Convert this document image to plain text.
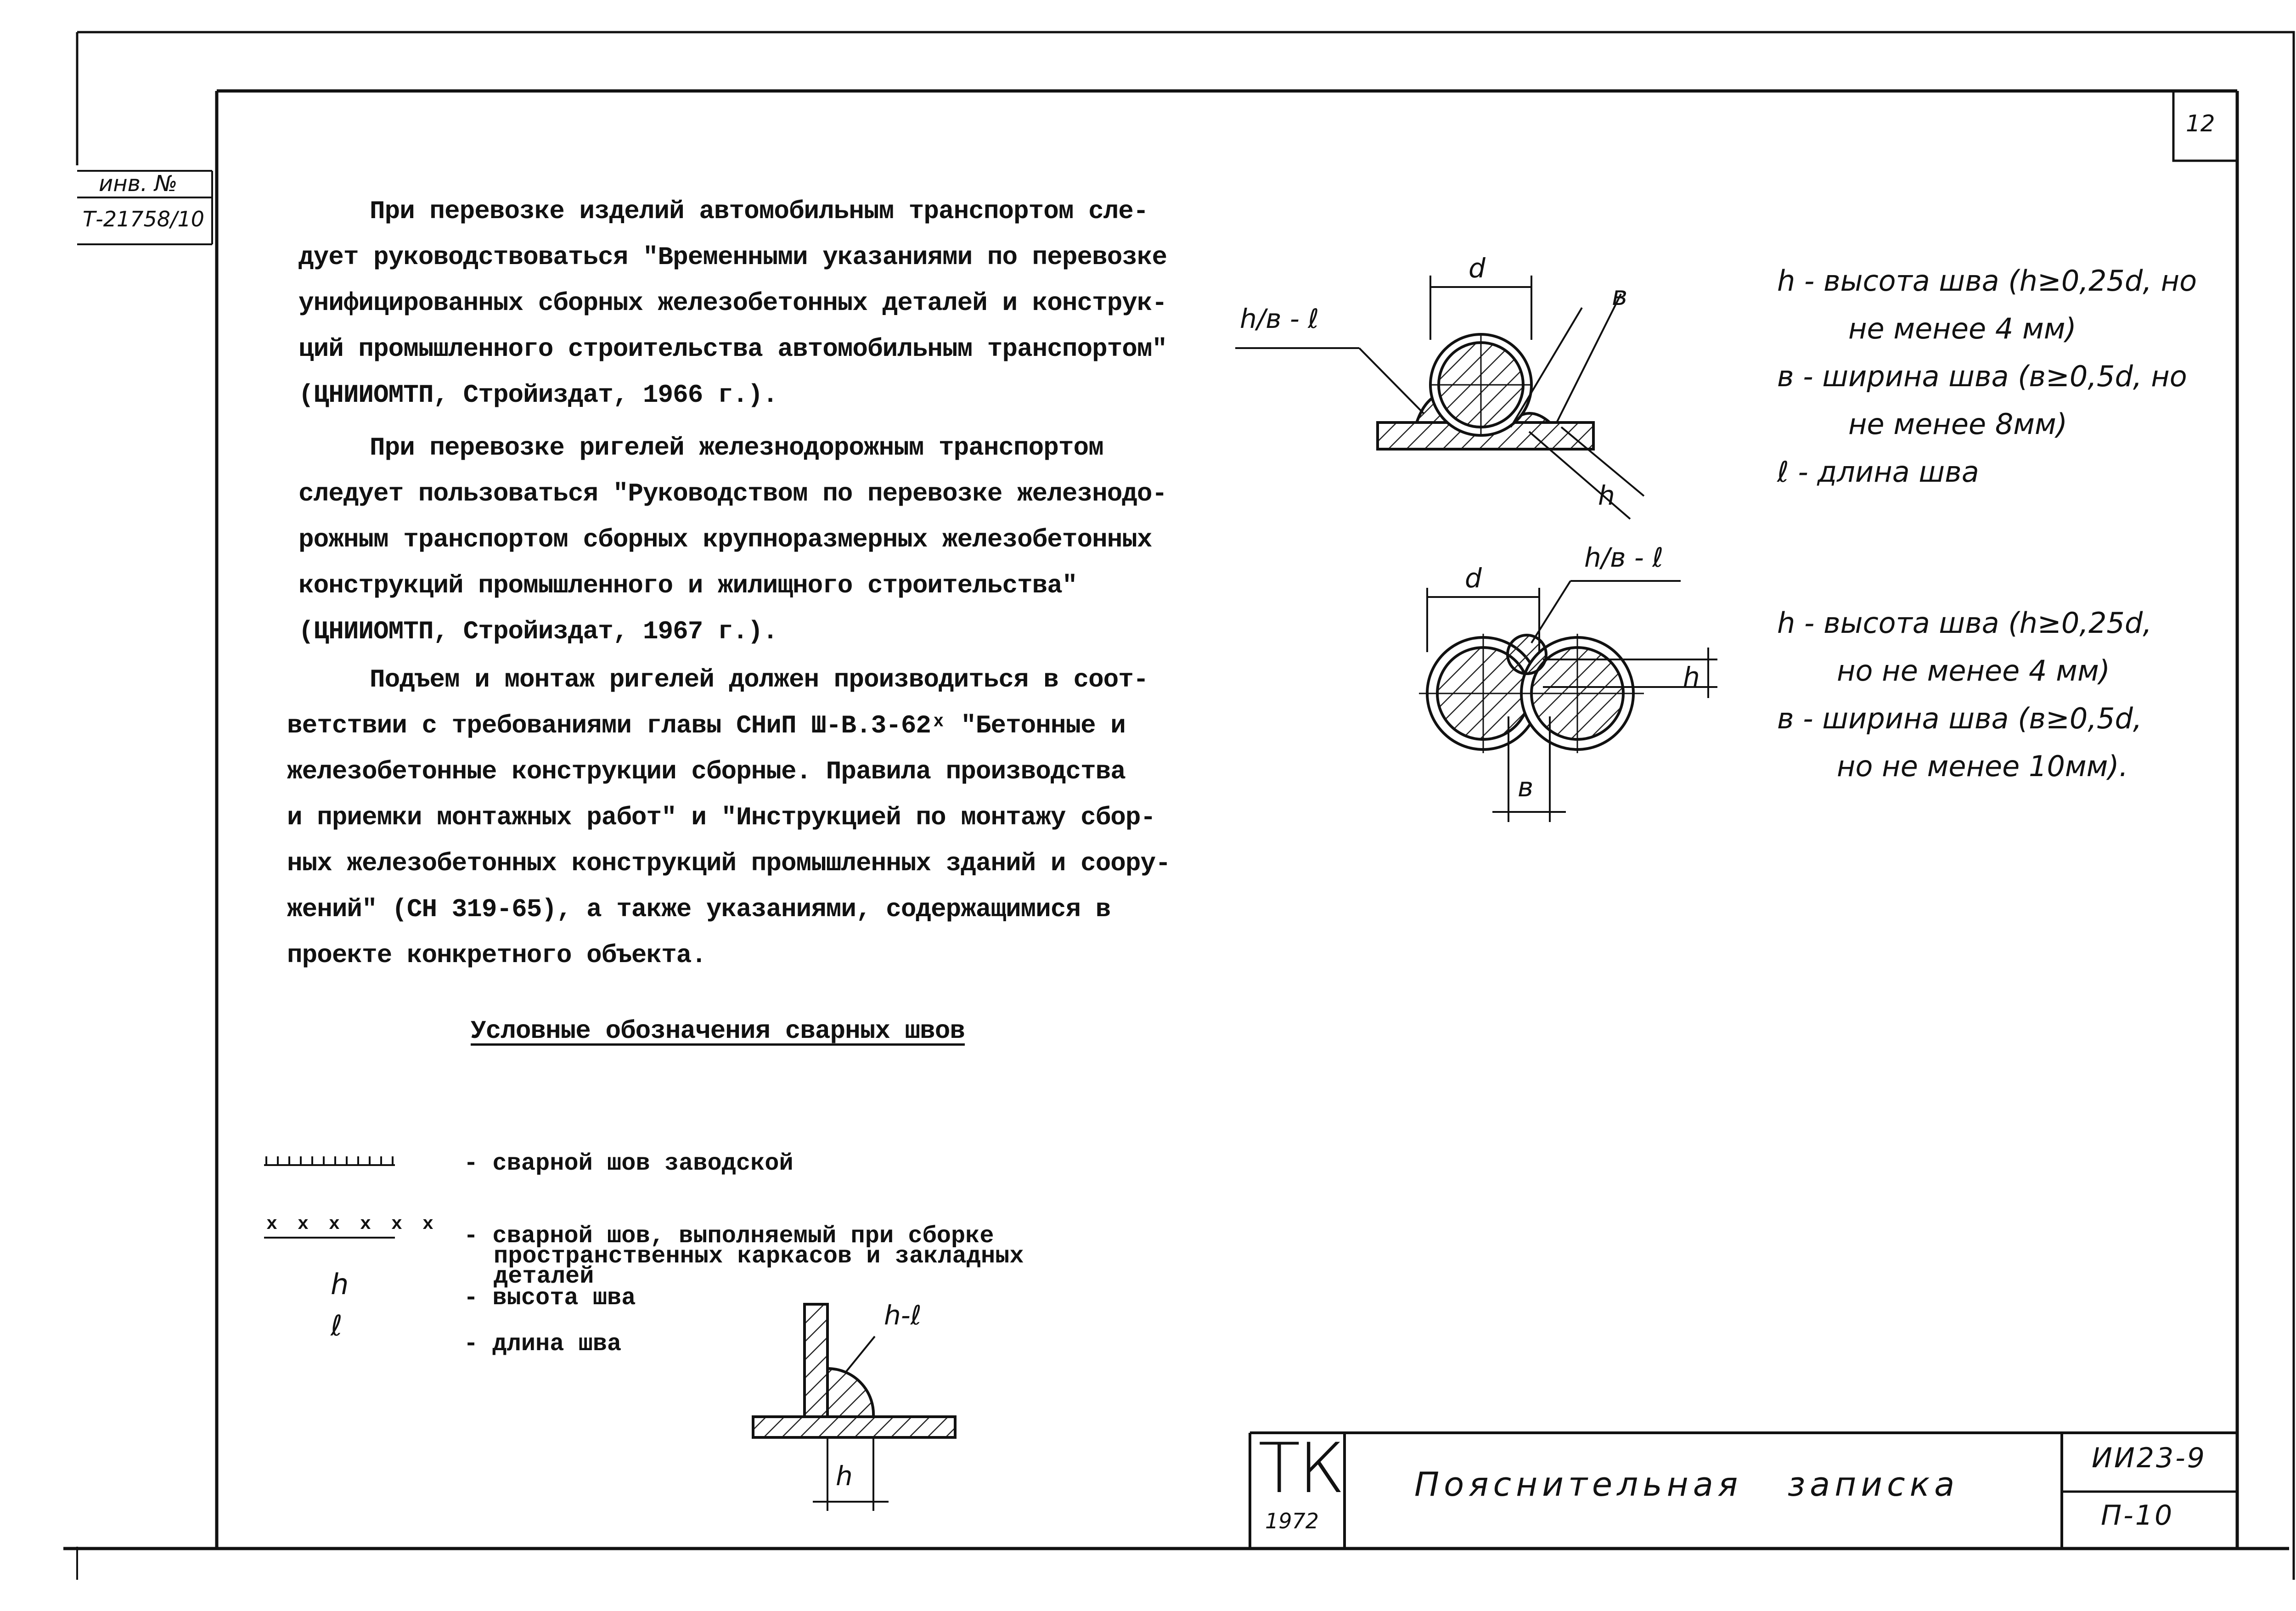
12
инв. №
Т-21758/10	При перевозке изделий автомобильным транспортом сле-

дует руководствоваться "Временными указаниями по перевозке

унифицированных сборных железобетонных деталей и конструк-

ций промышленного строительства автомобильным транспортом"

(ЦНИИОМТП, Стройиздат, 1966 г.).

При перевозке ригелей железнодорожным транспортом

следует пользоваться "Руководством по перевозке железнодо-

рожным транспортом сборных крупноразмерных железобетонных

конструкций промышленного и жилищного строительства"

(ЦНИИОМТП, Стройиздат, 1967 г.).

Подъем и монтаж ригелей должен производиться в соот-

ветствии с требованиями главы СНиП Ш-В.3-62ˣ "Бетонные и

железобетонные конструкции сборные. Правила производства

и приемки монтажных работ" и "Инструкцией по монтажу сбор-

ных железобетонных конструкций промышленных зданий и соору-

жений" (СН 319-65), а также указаниями, содержащимися в

проекте конкретного объекта.

Условные обозначения сварных швов
- сварной шов заводской
x x x x x x - сварной шов, выполняемый при сборке
пространственных каркасов и закладных
деталей
h	- высота шва
ℓ
- длина шва
h-ℓ
h
h/в - ℓ
d
в
h
h - высота шва (h≥0,25d, но
не менее 4 мм)
в - ширина шва (в≥0,5d, но
не менее 8мм)
ℓ - длина шва
h/в - ℓ
d
h
в
h - высота шва (h≥0,25d,
но не менее 4 мм)
в - ширина шва (в≥0,5d,
но не менее 10мм).
ТК
1972
Пояснительная   записка
ИИ23-9
П-10
